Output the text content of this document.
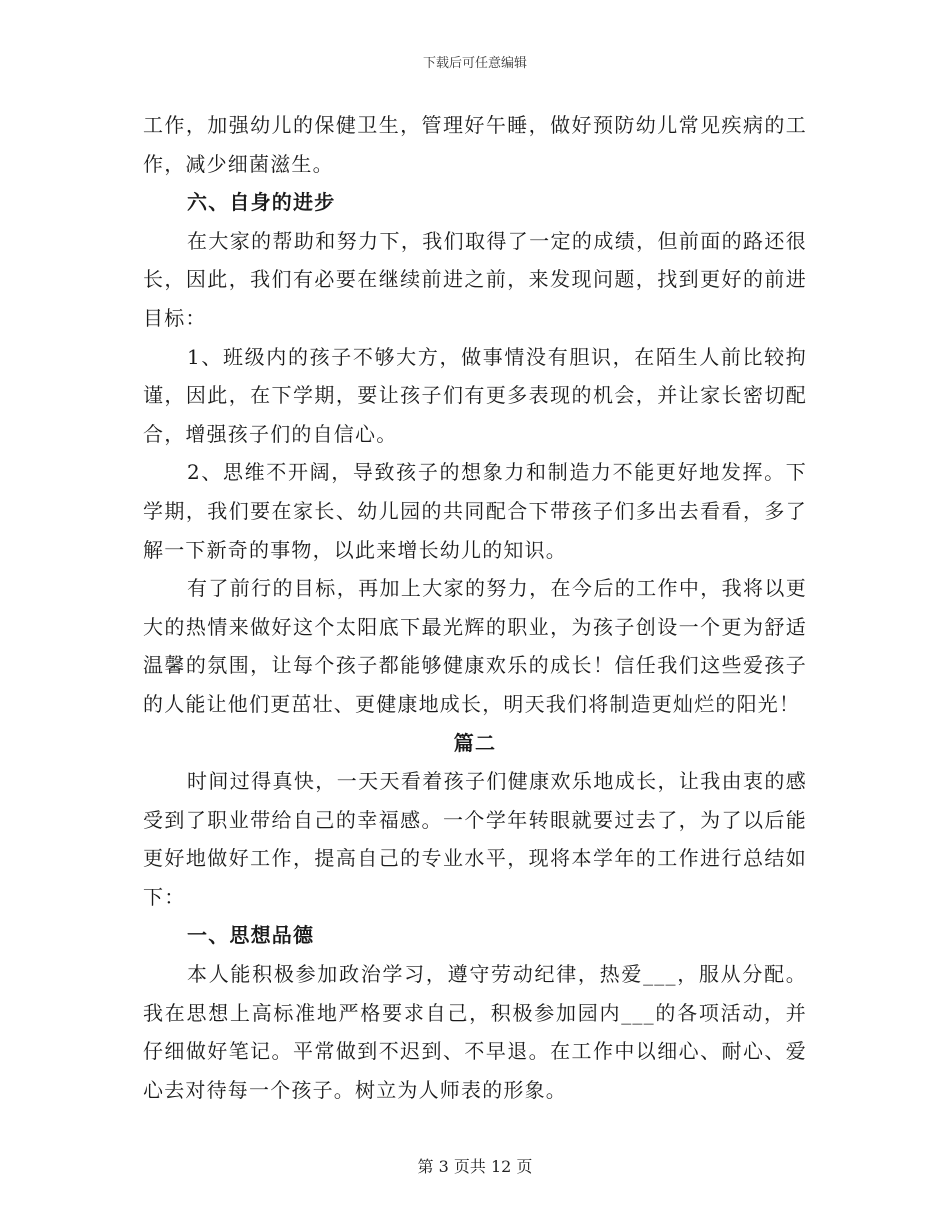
下载后可任意编辑

工作，加强幼儿的保健卫生，管理好午睡，做好预防幼儿常见疾病的工作，减少细菌滋生。

六、自身的进步

在大家的帮助和努力下，我们取得了一定的成绩，但前面的路还很长，因此，我们有必要在继续前进之前，来发现问题，找到更好的前进目标：

1、班级内的孩子不够大方，做事情没有胆识，在陌生人前比较拘谨，因此，在下学期，要让孩子们有更多表现的机会，并让家长密切配合，增强孩子们的自信心。

2、思维不开阔，导致孩子的想象力和制造力不能更好地发挥。下学期，我们要在家长、幼儿园的共同配合下带孩子们多出去看看，多了解一下新奇的事物，以此来增长幼儿的知识。

有了前行的目标，再加上大家的努力，在今后的工作中，我将以更大的热情来做好这个太阳底下最光辉的职业，为孩子创设一个更为舒适温馨的氛围，让每个孩子都能够健康欢乐的成长！信任我们这些爱孩子的人能让他们更茁壮、更健康地成长，明天我们将制造更灿烂的阳光！

篇二

时间过得真快，一天天看着孩子们健康欢乐地成长，让我由衷的感受到了职业带给自己的幸福感。一个学年转眼就要过去了，为了以后能更好地做好工作，提高自己的专业水平，现将本学年的工作进行总结如下：

一、思想品德

本人能积极参加政治学习，遵守劳动纪律，热爱___，服从分配。我在思想上高标准地严格要求自己，积极参加园内___的各项活动，并仔细做好笔记。平常做到不迟到、不早退。在工作中以细心、耐心、爱心去对待每一个孩子。树立为人师表的形象。

第 3 页共 12 页
